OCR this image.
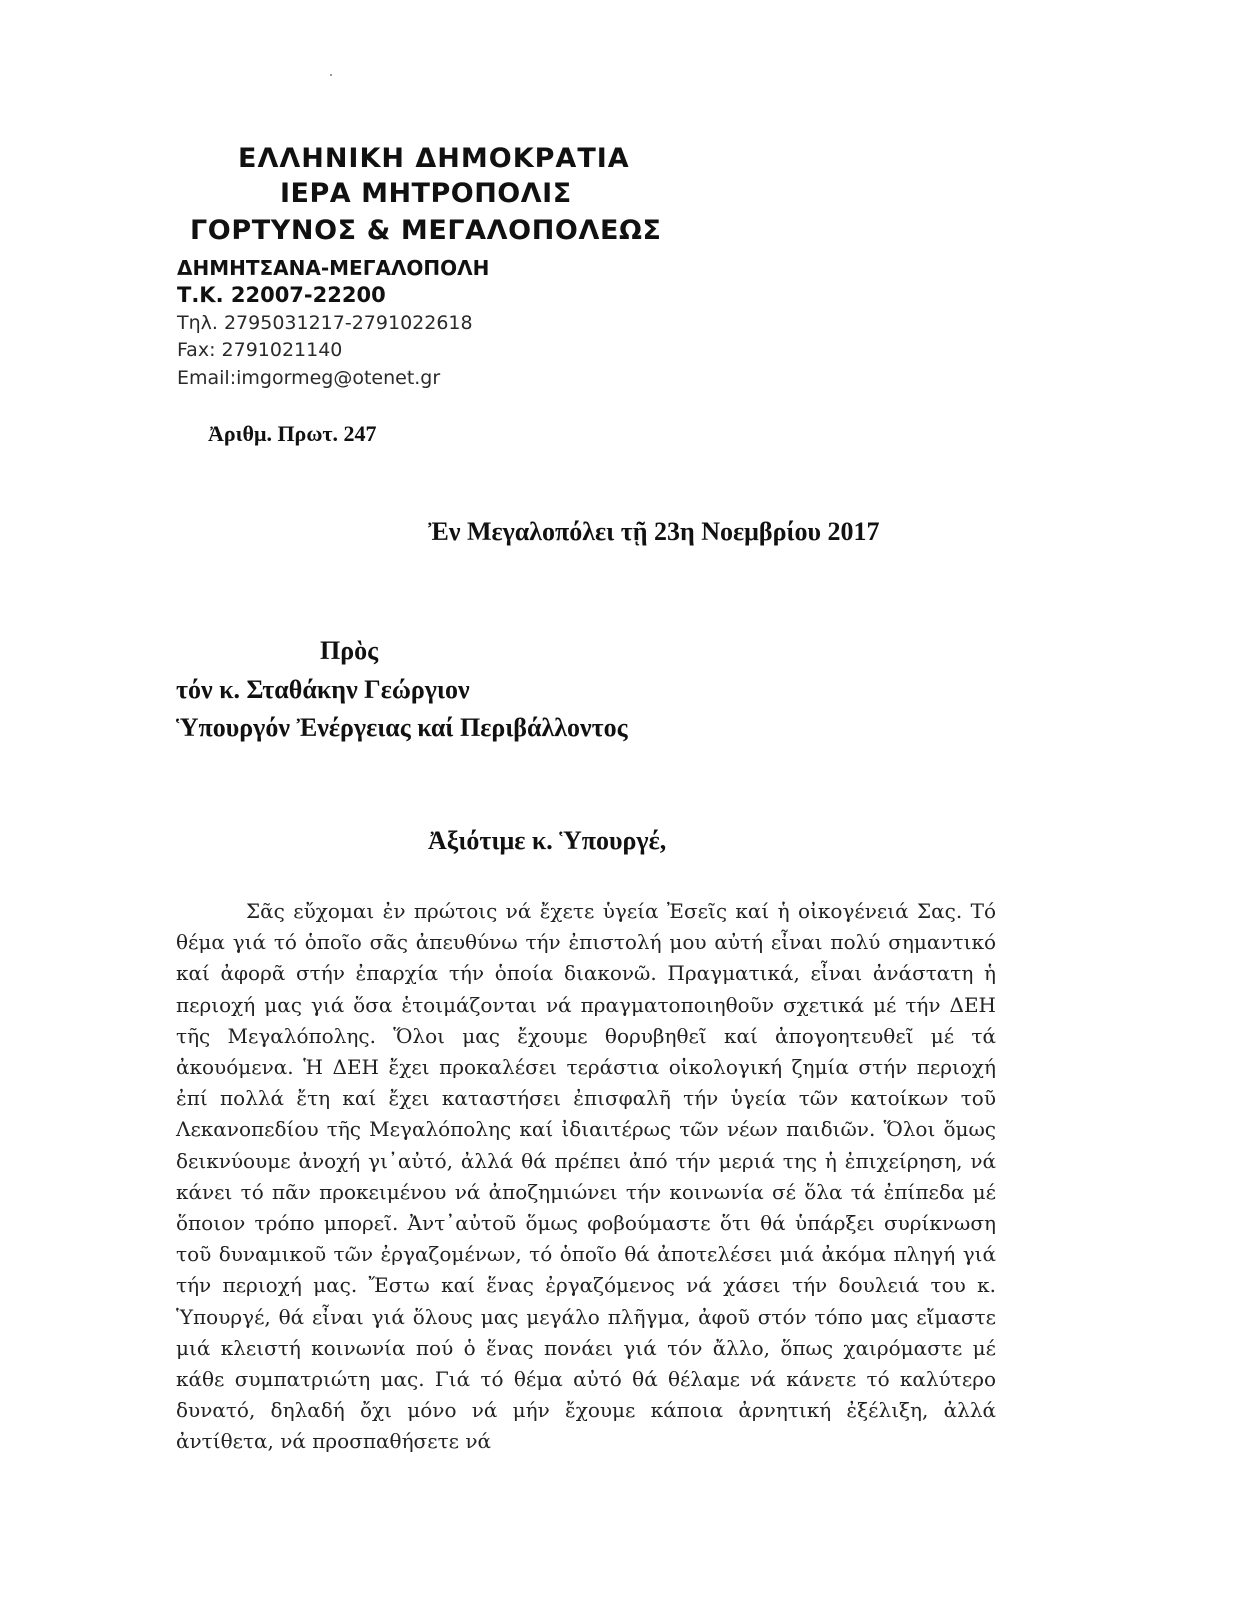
ΕΛΛΗΝΙΚΗ ΔΗΜΟΚΡΑΤΙΑ
ΙΕΡΑ ΜΗΤΡΟΠΟΛΙΣ
ΓΟΡΤΥΝΟΣ & ΜΕΓΑΛΟΠΟΛΕΩΣ
ΔΗΜΗΤΣΑΝΑ-ΜΕΓΑΛΟΠΟΛΗ
Τ.Κ. 22007-22200
Τηλ. 2795031217-2791022618
Fax: 2791021140
Email:imgormeg@otenet.gr
Ἀριθμ. Πρωτ. 247
Ἐν Μεγαλοπόλει τῇ 23η Νοεμβρίου 2017
Πρὸς
τόν κ. Σταθάκην Γεώργιον
Ὑπουργόν Ἐνέργειας καί Περιβάλλοντος
Ἀξιότιμε κ. Ὑπουργέ,

Σᾶς εὔχομαι ἐν πρώτοις νά ἔχετε ὑγεία Ἐσεῖς καί ἡ οἰκογένειά Σας. Τό θέμα γιά τό ὁποῖο σᾶς ἀπευθύνω τήν ἐπιστολή μου αὐτή εἶναι πολύ σημαντικό καί ἀφορᾶ στήν ἐπαρχία τήν ὁποία διακονῶ. Πραγματικά, εἶναι ἀνάστατη ἡ περιοχή μας γιά ὅσα ἑτοιμάζονται νά πραγματοποιηθοῦν σχετικά μέ τήν ΔΕΗ τῆς Μεγαλόπολης. Ὅλοι μας ἔχουμε θορυβηθεῖ καί ἀπογοητευθεῖ μέ τά ἀκουόμενα. Ἡ ΔΕΗ ἔχει προκαλέσει τεράστια οἰκολογική ζημία στήν περιοχή ἐπί πολλά ἔτη καί ἔχει καταστήσει ἐπισφαλῆ τήν ὑγεία τῶν κατοίκων τοῦ Λεκανοπεδίου τῆς Μεγαλόπολης καί ἰδιαιτέρως τῶν νέων παιδιῶν. Ὅλοι ὅμως δεικνύουμε ἀνοχή γι᾽αὐτό, ἀλλά θά πρέπει ἀπό τήν μεριά της ἡ ἐπιχείρηση, νά κάνει τό πᾶν προκειμένου νά ἀποζημιώνει τήν κοινωνία σέ ὅλα τά ἐπίπεδα μέ ὅποιον τρόπο μπορεῖ. Ἀντ᾽αὐτοῦ ὅμως φοβούμαστε ὅτι θά ὑπάρξει συρίκνωση τοῦ δυναμικοῦ τῶν ἐργαζομένων, τό ὁποῖο θά ἀποτελέσει μιά ἀκόμα πληγή γιά τήν περιοχή μας. Ἔστω καί ἕνας ἐργαζόμενος νά χάσει τήν δουλειά του κ. Ὑπουργέ, θά εἶναι γιά ὅλους μας μεγάλο πλῆγμα, ἀφοῦ στόν τόπο μας εἴμαστε μιά κλειστή κοινωνία πού ὁ ἕνας πονάει γιά τόν ἄλλο, ὅπως χαιρόμαστε μέ κάθε συμπατριώτη μας. Γιά τό θέμα αὐτό θά θέλαμε νά κάνετε τό καλύτερο δυνατό, δηλαδή ὄχι μόνο νά μήν ἔχουμε κάποια ἀρνητική ἐξέλιξη, ἀλλά ἀντίθετα, νά προσπαθήσετε νά
